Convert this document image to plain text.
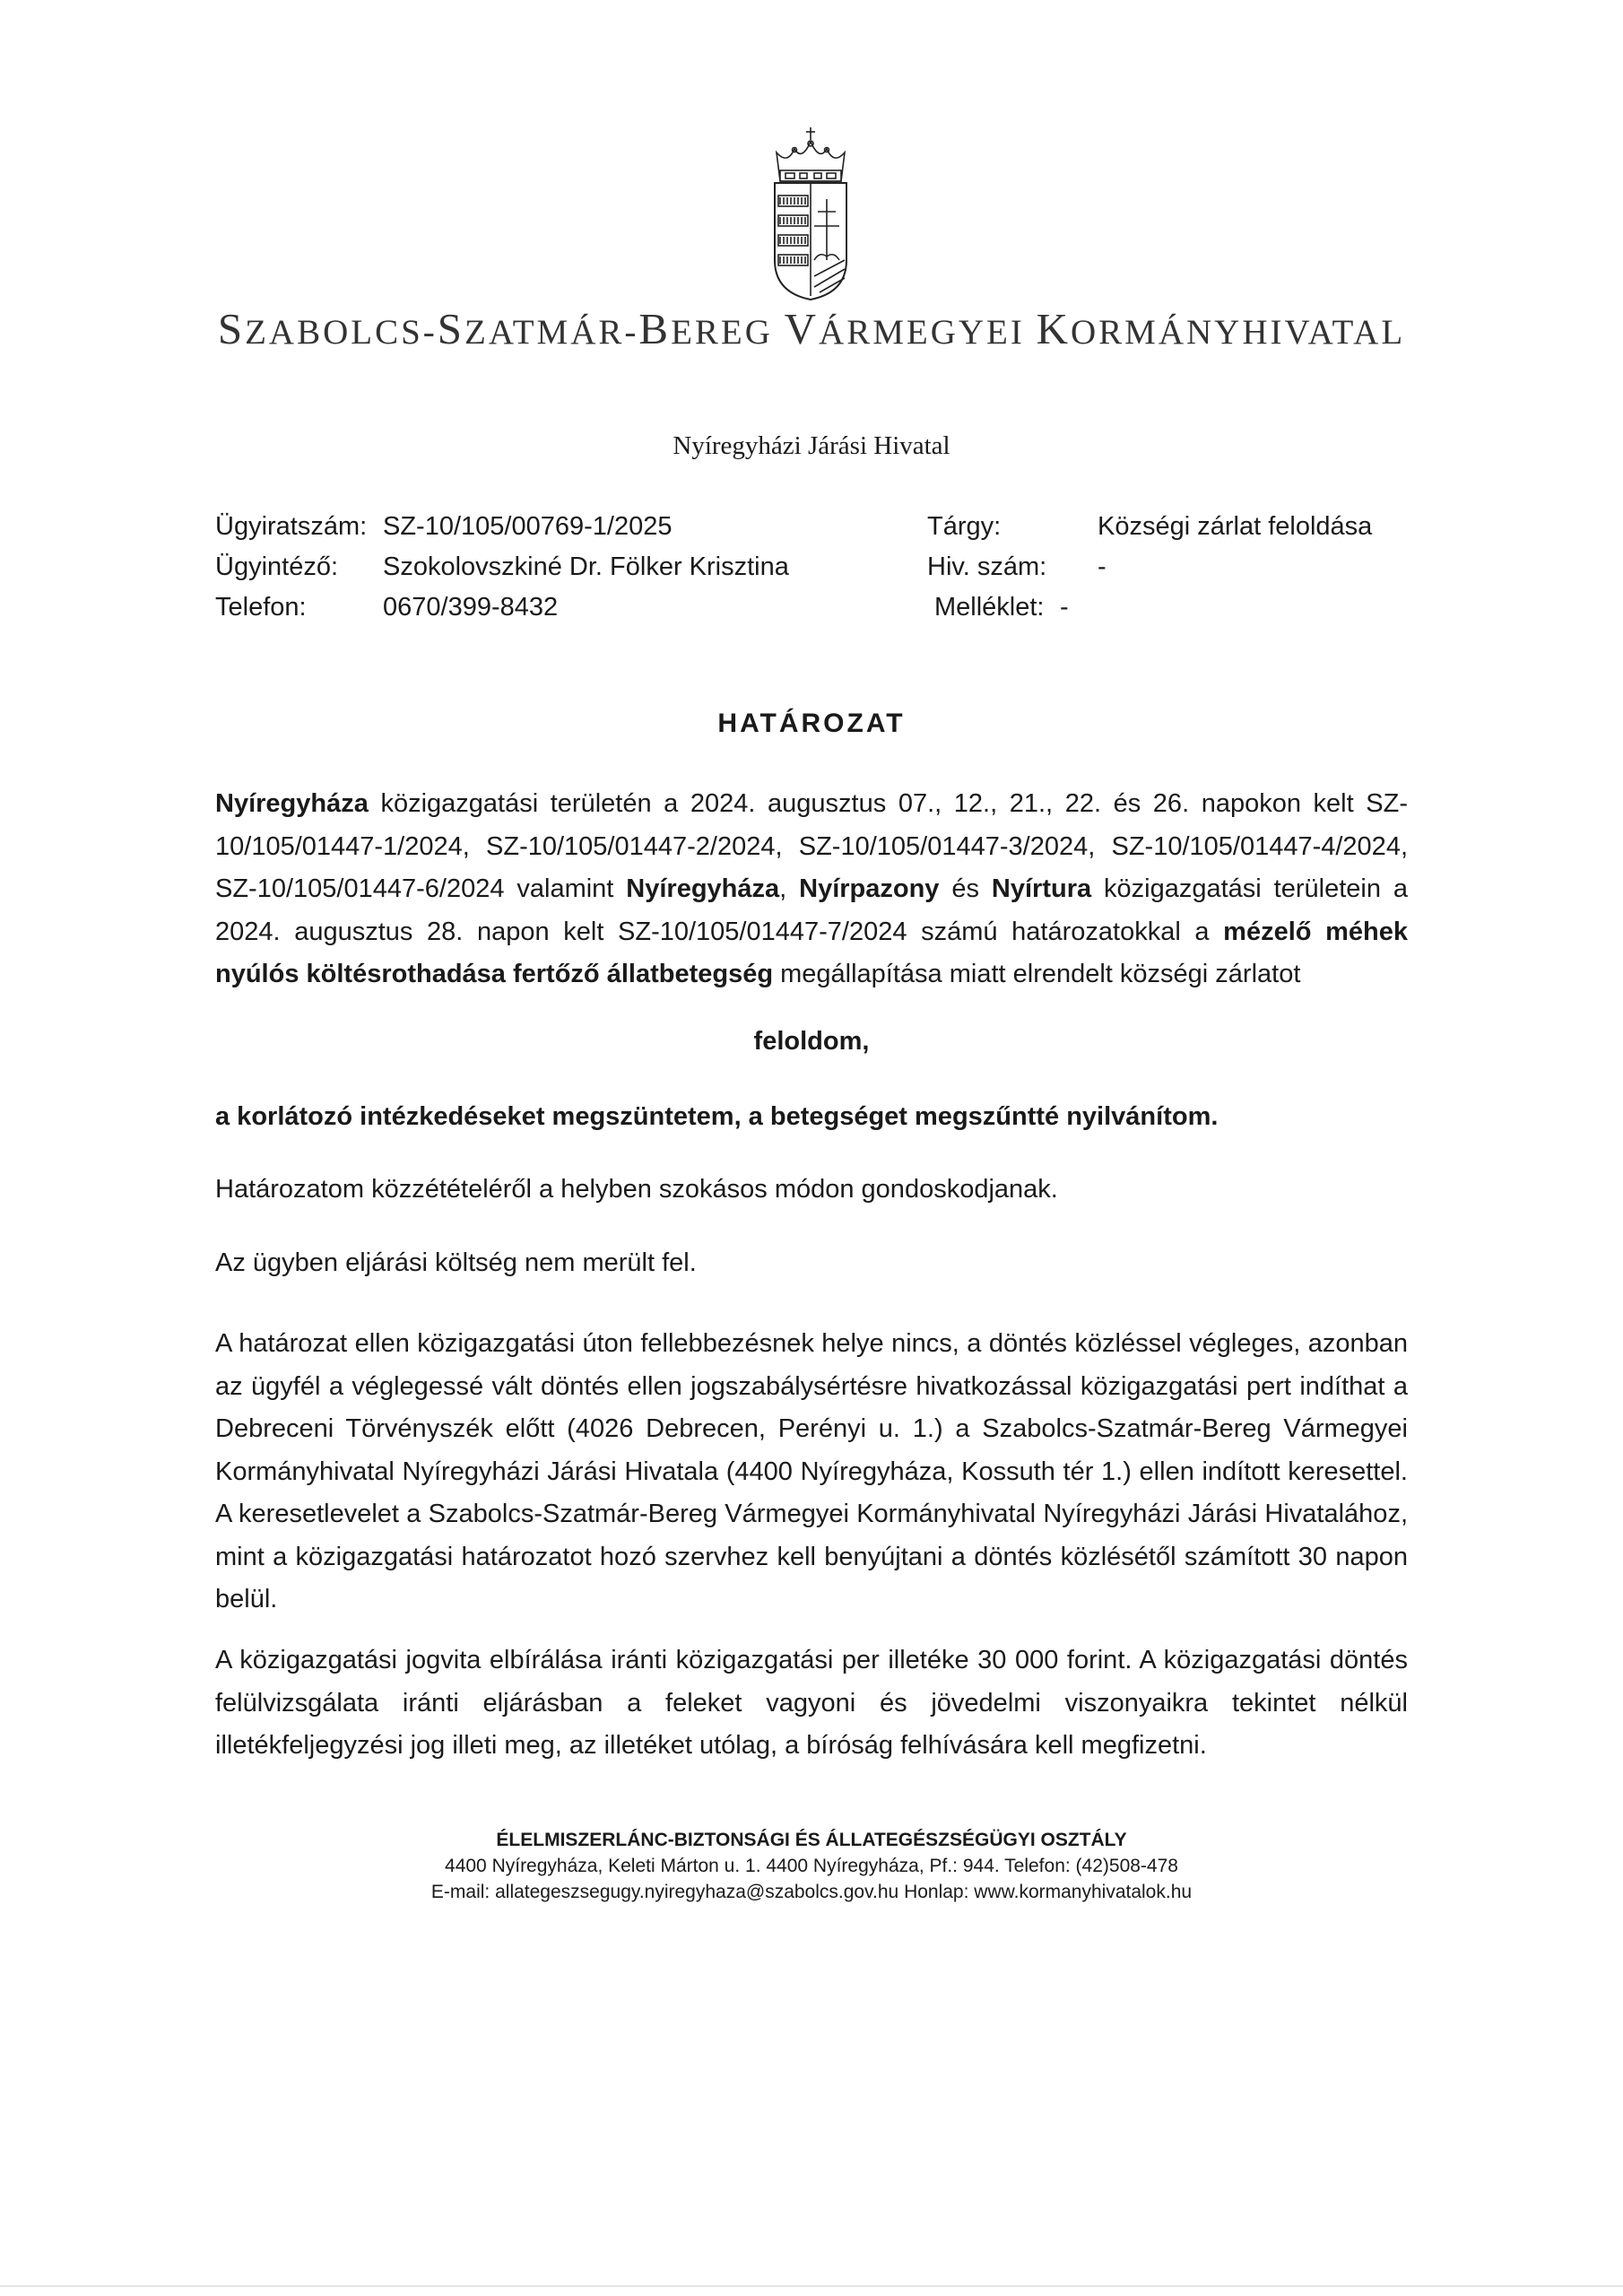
SZABOLCS-SZATMÁR-BEREG VÁRMEGYEI KORMÁNYHIVATAL
Nyíregyházi Járási Hivatal
Ügyiratszám: SZ-10/105/00769-1/2025
Ügyintéző: Szokolovszkiné Dr. Fölker Krisztina
Telefon:	0670/399-8432
Tárgy:	Községi zárlat feloldása
Hiv. szám: -
Melléklet: -
HATÁROZAT
Nyíregyháza közigazgatási területén a 2024. augusztus 07., 12., 21., 22. és 26. napokon kelt SZ-10/105/01447-1/2024, SZ-10/105/01447-2/2024, SZ-10/105/01447-3/2024, SZ-10/105/01447-4/2024, SZ-10/105/01447-6/2024 valamint Nyíregyháza, Nyírpazony és Nyírtura közigazgatási területein a 2024. augusztus 28. napon kelt SZ-10/105/01447-7/2024 számú határozatokkal a mézelő méhek nyúlós költésrothadása fertőző állatbetegség megállapítása miatt elrendelt községi zárlatot
feloldom,
a korlátozó intézkedéseket megszüntetem, a betegséget megszűntté nyilvánítom.
Határozatom közzétételéről a helyben szokásos módon gondoskodjanak.
Az ügyben eljárási költség nem merült fel.
A határozat ellen közigazgatási úton fellebbezésnek helye nincs, a döntés közléssel végleges, azonban az ügyfél a véglegessé vált döntés ellen jogszabálysértésre hivatkozással közigazgatási pert indíthat a Debreceni Törvényszék előtt (4026 Debrecen, Perényi u. 1.) a Szabolcs-Szatmár-Bereg Vármegyei Kormányhivatal Nyíregyházi Járási Hivatala (4400 Nyíregyháza, Kossuth tér 1.) ellen indított keresettel. A keresetlevelet a Szabolcs-Szatmár-Bereg Vármegyei Kormányhivatal Nyíregyházi Járási Hivatalához, mint a közigazgatási határozatot hozó szervhez kell benyújtani a döntés közlésétől számított 30 napon belül.
A közigazgatási jogvita elbírálása iránti közigazgatási per illetéke 30 000 forint. A közigazgatási döntés felülvizsgálata iránti eljárásban a feleket vagyoni és jövedelmi viszonyaikra tekintet nélkül illetékfeljegyzési jog illeti meg, az illetéket utólag, a bíróság felhívására kell megfizetni.
ÉLELMISZERLÁNC-BIZTONSÁGI ÉS ÁLLATEGÉSZSÉGÜGYI OSZTÁLY
4400 Nyíregyháza, Keleti Márton u. 1. 4400 Nyíregyháza, Pf.: 944. Telefon: (42)508-478
E-mail: allategeszsegugy.nyiregyhaza@szabolcs.gov.hu Honlap: www.kormanyhivatalok.hu
